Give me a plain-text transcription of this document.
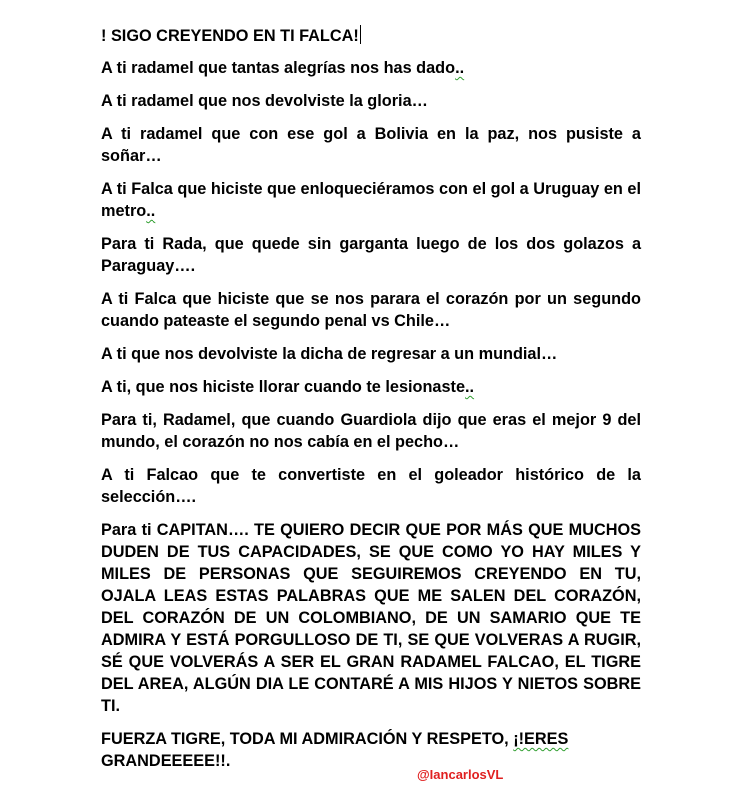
! SIGO CREYENDO EN TI FALCA!

A ti radamel que tantas alegrías nos has dado..

A ti radamel que nos devolviste la gloria…

A ti radamel que con ese gol a Bolivia en la paz, nos pusiste a soñar…

A ti Falca que hiciste que enloqueciéramos con el gol a Uruguay en el metro..

Para ti Rada, que quede sin garganta luego de los dos golazos a Paraguay….

A ti Falca que hiciste que se nos parara el corazón por un segundo cuando pateaste el segundo penal vs Chile…

A ti que nos devolviste la dicha de regresar a un mundial…

A ti, que nos hiciste llorar cuando te lesionaste..

Para ti, Radamel, que cuando Guardiola dijo que eras el mejor 9 del mundo, el corazón no nos cabía en el pecho…

A ti Falcao que te convertiste en el goleador histórico de la selección….

Para ti CAPITAN…. TE QUIERO DECIR QUE POR MÁS QUE MUCHOS DUDEN DE TUS CAPACIDADES, SE QUE COMO YO HAY MILES Y MILES DE PERSONAS QUE SEGUIREMOS CREYENDO EN TU, OJALA LEAS ESTAS PALABRAS QUE ME SALEN DEL CORAZÓN, DEL CORAZÓN DE UN COLOMBIANO, DE UN SAMARIO QUE TE ADMIRA Y ESTÁ PORGULLOSO DE TI, SE QUE VOLVERAS A RUGIR, SÉ QUE VOLVERÁS A SER EL GRAN RADAMEL FALCAO, EL TIGRE DEL AREA, ALGÚN DIA LE CONTARÉ A MIS HIJOS Y NIETOS SOBRE TI.

FUERZA TIGRE, TODA MI ADMIRACIÓN Y RESPETO, ¡!ERES GRANDEEEEE!!.

@IancarlosVL
